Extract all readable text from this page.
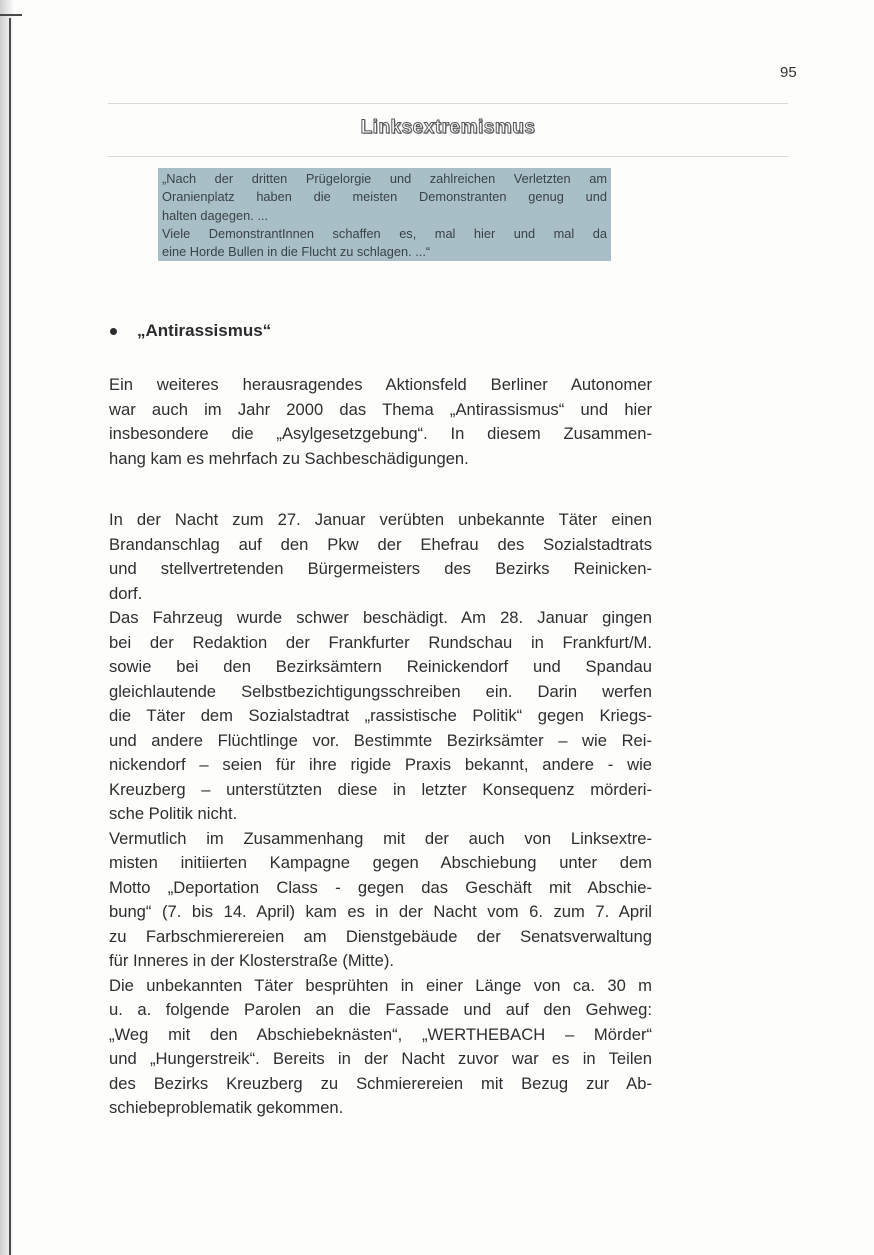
95
Linksextremismus
„Nach der dritten Prügelorgie und zahlreichen Verletzten am
Oranienplatz haben die meisten Demonstranten genug und
halten dagegen. ...
Viele DemonstrantInnen schaffen es, mal hier und mal da
eine Horde Bullen in die Flucht zu schlagen. ...“
„Antirassismus“
Ein weiteres herausragendes Aktionsfeld Berliner Autonomer
war auch im Jahr 2000 das Thema „Antirassismus“ und hier
insbesondere die „Asylgesetzgebung“. In diesem Zusammen-
hang kam es mehrfach zu Sachbeschädigungen.
In der Nacht zum 27. Januar verübten unbekannte Täter einen
Brandanschlag auf den Pkw der Ehefrau des Sozialstadtrats
und stellvertretenden Bürgermeisters des Bezirks Reinicken-
dorf.
Das Fahrzeug wurde schwer beschädigt. Am 28. Januar gingen
bei der Redaktion der Frankfurter Rundschau in Frankfurt/M.
sowie bei den Bezirksämtern Reinickendorf und Spandau
gleichlautende Selbstbezichtigungsschreiben ein. Darin werfen
die Täter dem Sozialstadtrat „rassistische Politik“ gegen Kriegs-
und andere Flüchtlinge vor. Bestimmte Bezirksämter – wie Rei-
nickendorf – seien für ihre rigide Praxis bekannt, andere - wie
Kreuzberg – unterstützten diese in letzter Konsequenz mörderi-
sche Politik nicht.
Vermutlich im Zusammenhang mit der auch von Linksextre-
misten initiierten Kampagne gegen Abschiebung unter dem
Motto „Deportation Class - gegen das Geschäft mit Abschie-
bung“ (7. bis 14. April) kam es in der Nacht vom 6. zum 7. April
zu Farbschmierereien am Dienstgebäude der Senatsverwaltung
für Inneres in der Klosterstraße (Mitte).
Die unbekannten Täter besprühten in einer Länge von ca. 30 m
u. a. folgende Parolen an die Fassade und auf den Gehweg:
„Weg mit den Abschiebeknästen“, „WERTHEBACH – Mörder“
und „Hungerstreik“. Bereits in der Nacht zuvor war es in Teilen
des Bezirks Kreuzberg zu Schmierereien mit Bezug zur Ab-
schiebeproblematik gekommen.
